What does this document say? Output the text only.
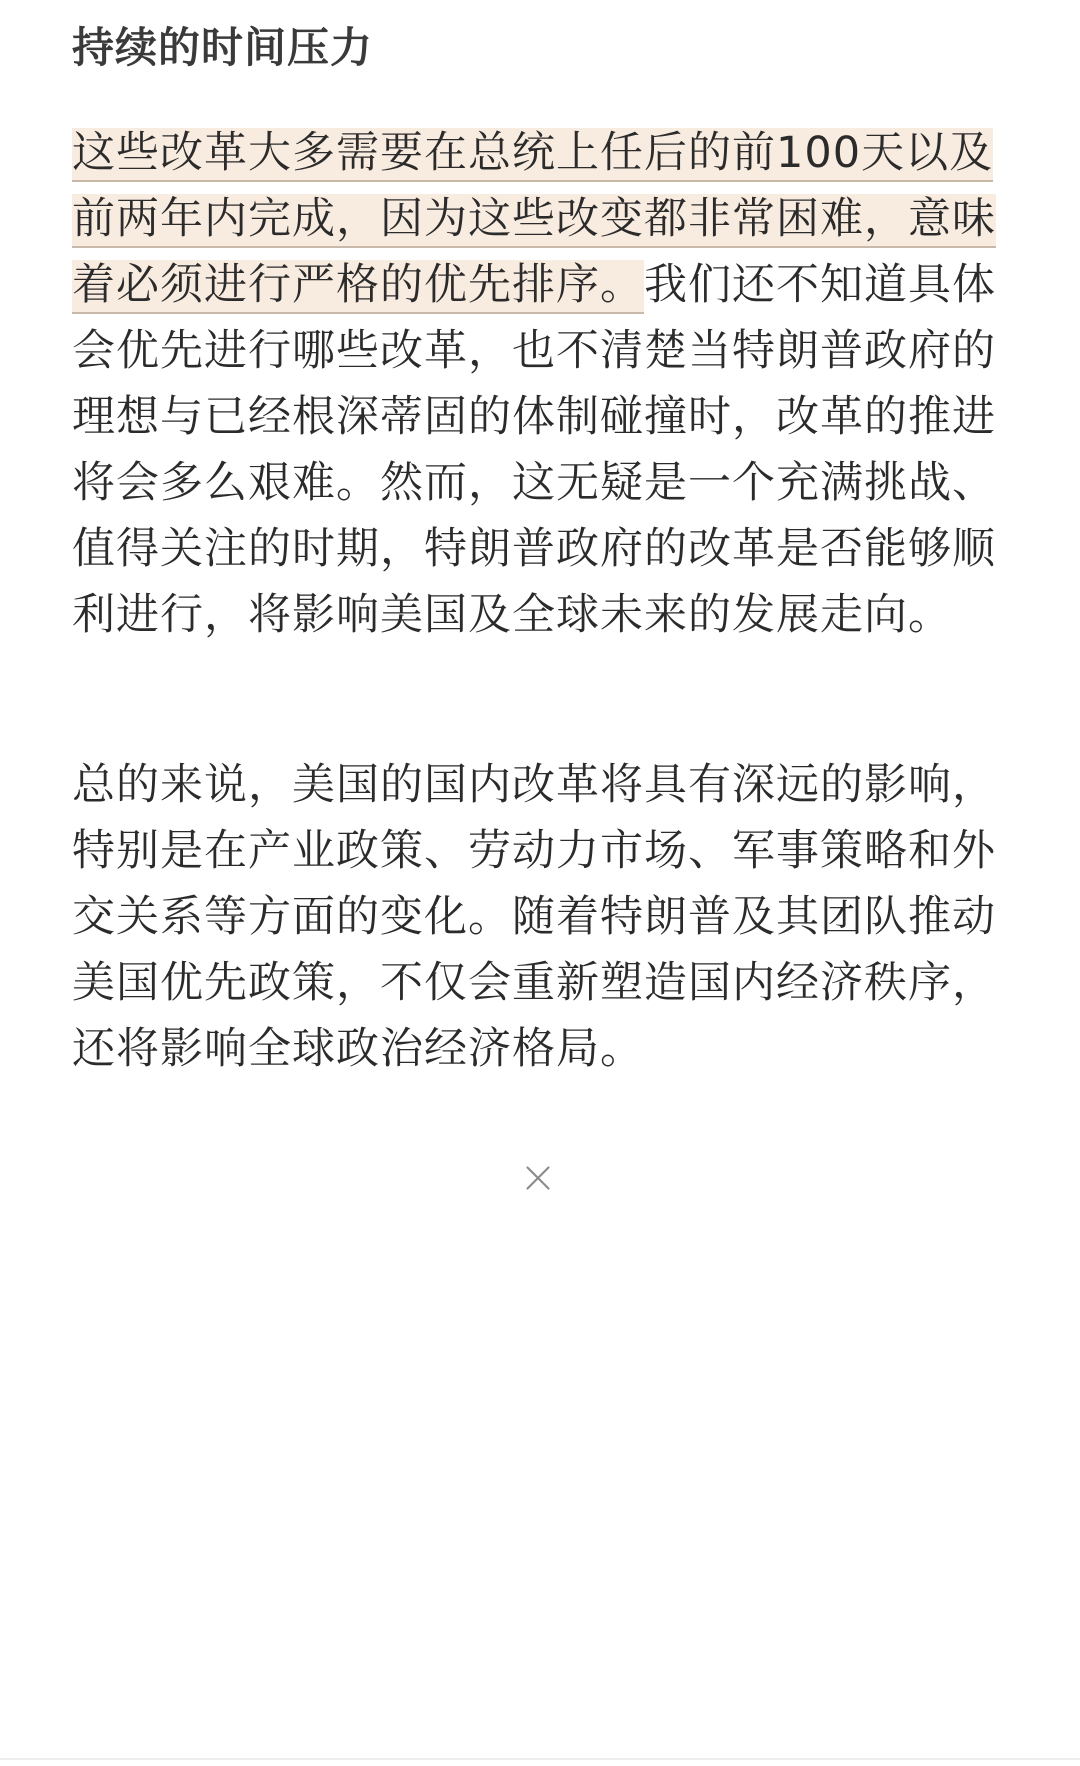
持续的时间压力

这些改革大多需要在总统上任后的前100天以及前两年内完成，因为这些改变都非常困难，意味着必须进行严格的优先排序。我们还不知道具体会优先进行哪些改革，也不清楚当特朗普政府的理想与已经根深蒂固的体制碰撞时，改革的推进将会多么艰难。然而，这无疑是一个充满挑战、值得关注的时期，特朗普政府的改革是否能够顺利进行，将影响美国及全球未来的发展走向。

总的来说，美国的国内改革将具有深远的影响，特别是在产业政策、劳动力市场、军事策略和外交关系等方面的变化。随着特朗普及其团队推动美国优先政策，不仅会重新塑造国内经济秩序，还将影响全球政治经济格局。
